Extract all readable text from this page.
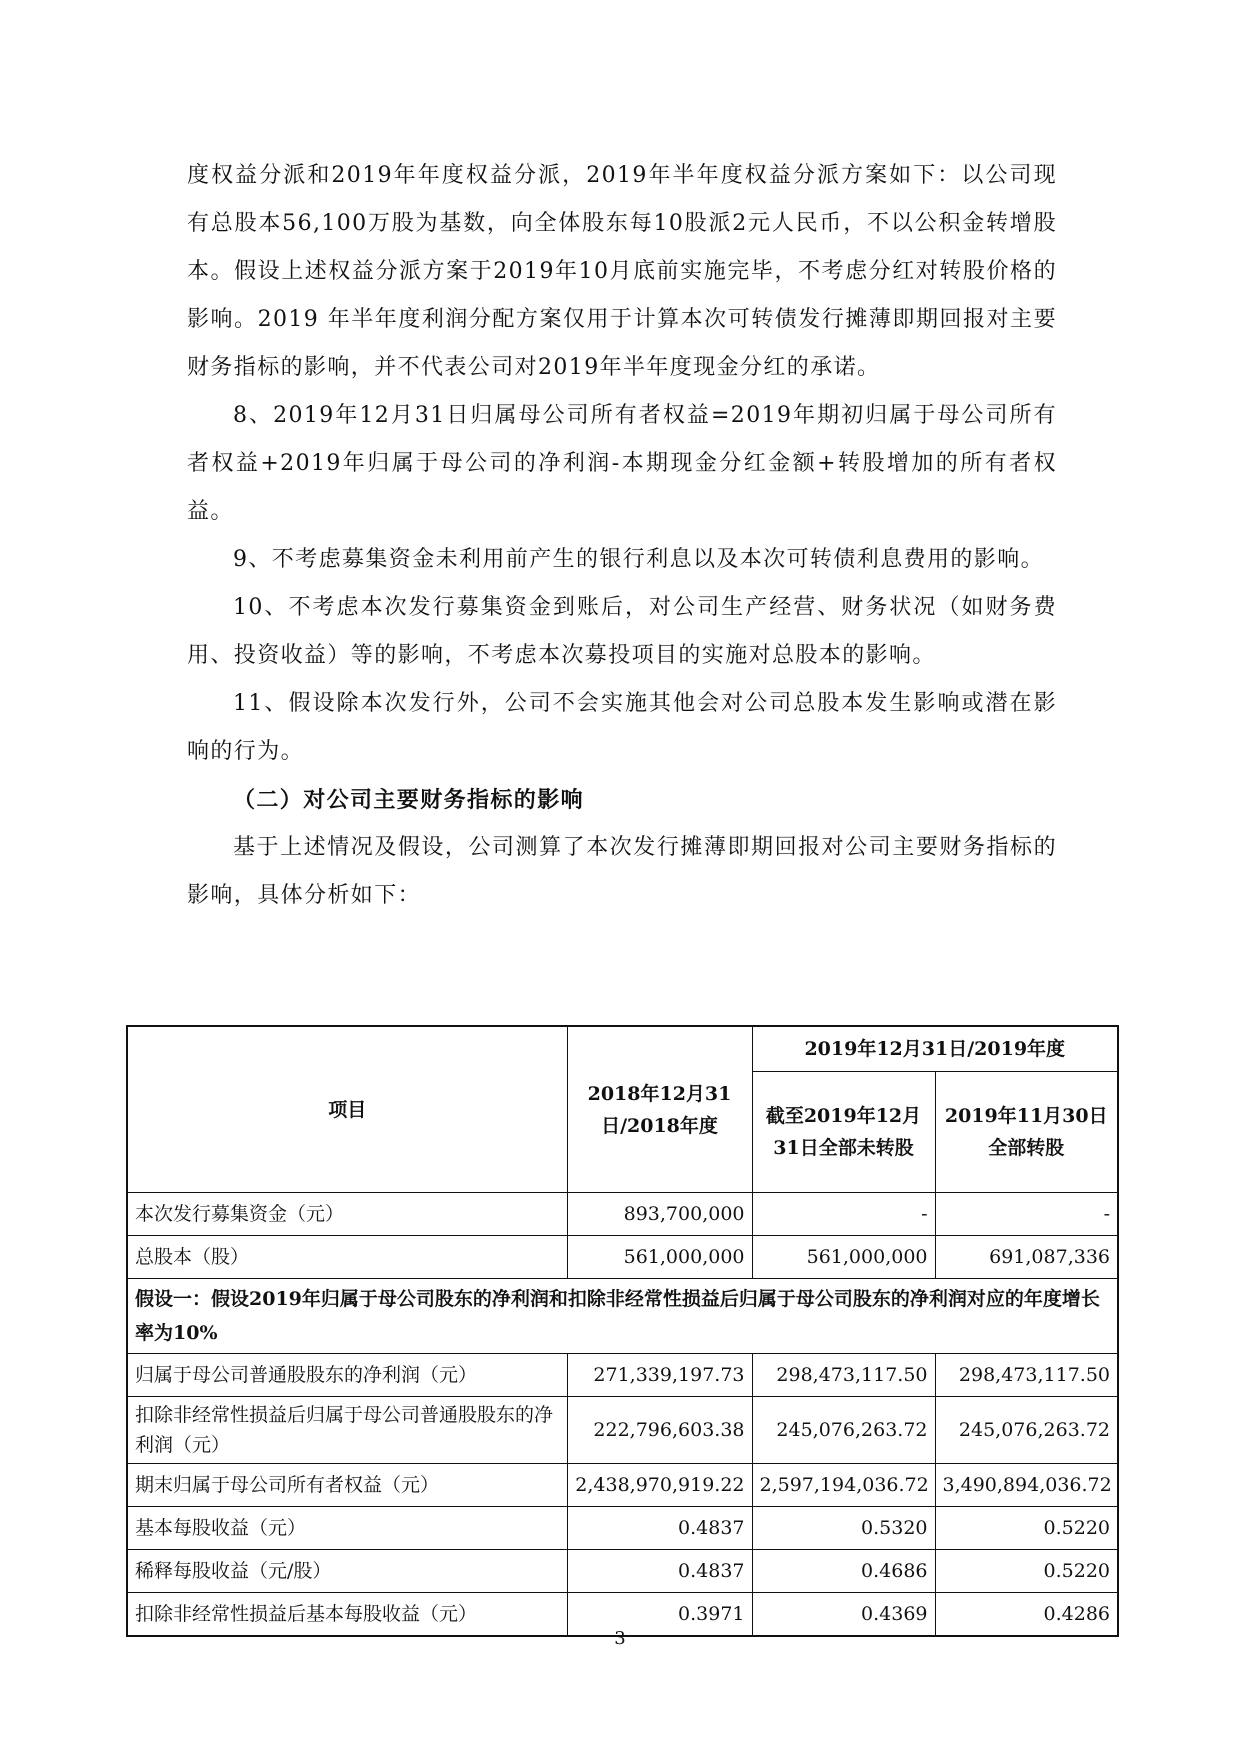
度权益分派和2019年年度权益分派，2019年半年度权益分派方案如下：以公司现有总股本56,100万股为基数，向全体股东每10股派2元人民币，不以公积金转增股本。假设上述权益分派方案于2019年10月底前实施完毕，不考虑分红对转股价格的影响。2019 年半年度利润分配方案仅用于计算本次可转债发行摊薄即期回报对主要财务指标的影响，并不代表公司对2019年半年度现金分红的承诺。

8、2019年12月31日归属母公司所有者权益=2019年期初归属于母公司所有者权益+2019年归属于母公司的净利润-本期现金分红金额+转股增加的所有者权益。

9、不考虑募集资金未利用前产生的银行利息以及本次可转债利息费用的影响。

10、不考虑本次发行募集资金到账后，对公司生产经营、财务状况（如财务费用、投资收益）等的影响，不考虑本次募投项目的实施对总股本的影响。

11、假设除本次发行外，公司不会实施其他会对公司总股本发生影响或潜在影响的行为。

（二）对公司主要财务指标的影响

基于上述情况及假设，公司测算了本次发行摊薄即期回报对公司主要财务指标的影响，具体分析如下：

项目	2018年12月31日/2018年度	2019年12月31日/2019年度	
		截至2019年12月31日全部未转股	2019年11月30日全部转股
本次发行募集资金（元）	893,700,000	-	-
总股本（股）	561,000,000	561,000,000	691,087,336
假设一：假设2019年归属于母公司股东的净利润和扣除非经常性损益后归属于母公司股东的净利润对应的年度增长率为10%			
归属于母公司普通股股东的净利润（元）	271,339,197.73	298,473,117.50	298,473,117.50
扣除非经常性损益后归属于母公司普通股股东的净利润（元）	222,796,603.38	245,076,263.72	245,076,263.72
期末归属于母公司所有者权益（元）	2,438,970,919.22	2,597,194,036.72	3,490,894,036.72
基本每股收益（元）	0.4837	0.5320	0.5220
稀释每股收益（元/股）	0.4837	0.4686	0.5220
扣除非经常性损益后基本每股收益（元）	0.3971	0.4369	0.4286
3
